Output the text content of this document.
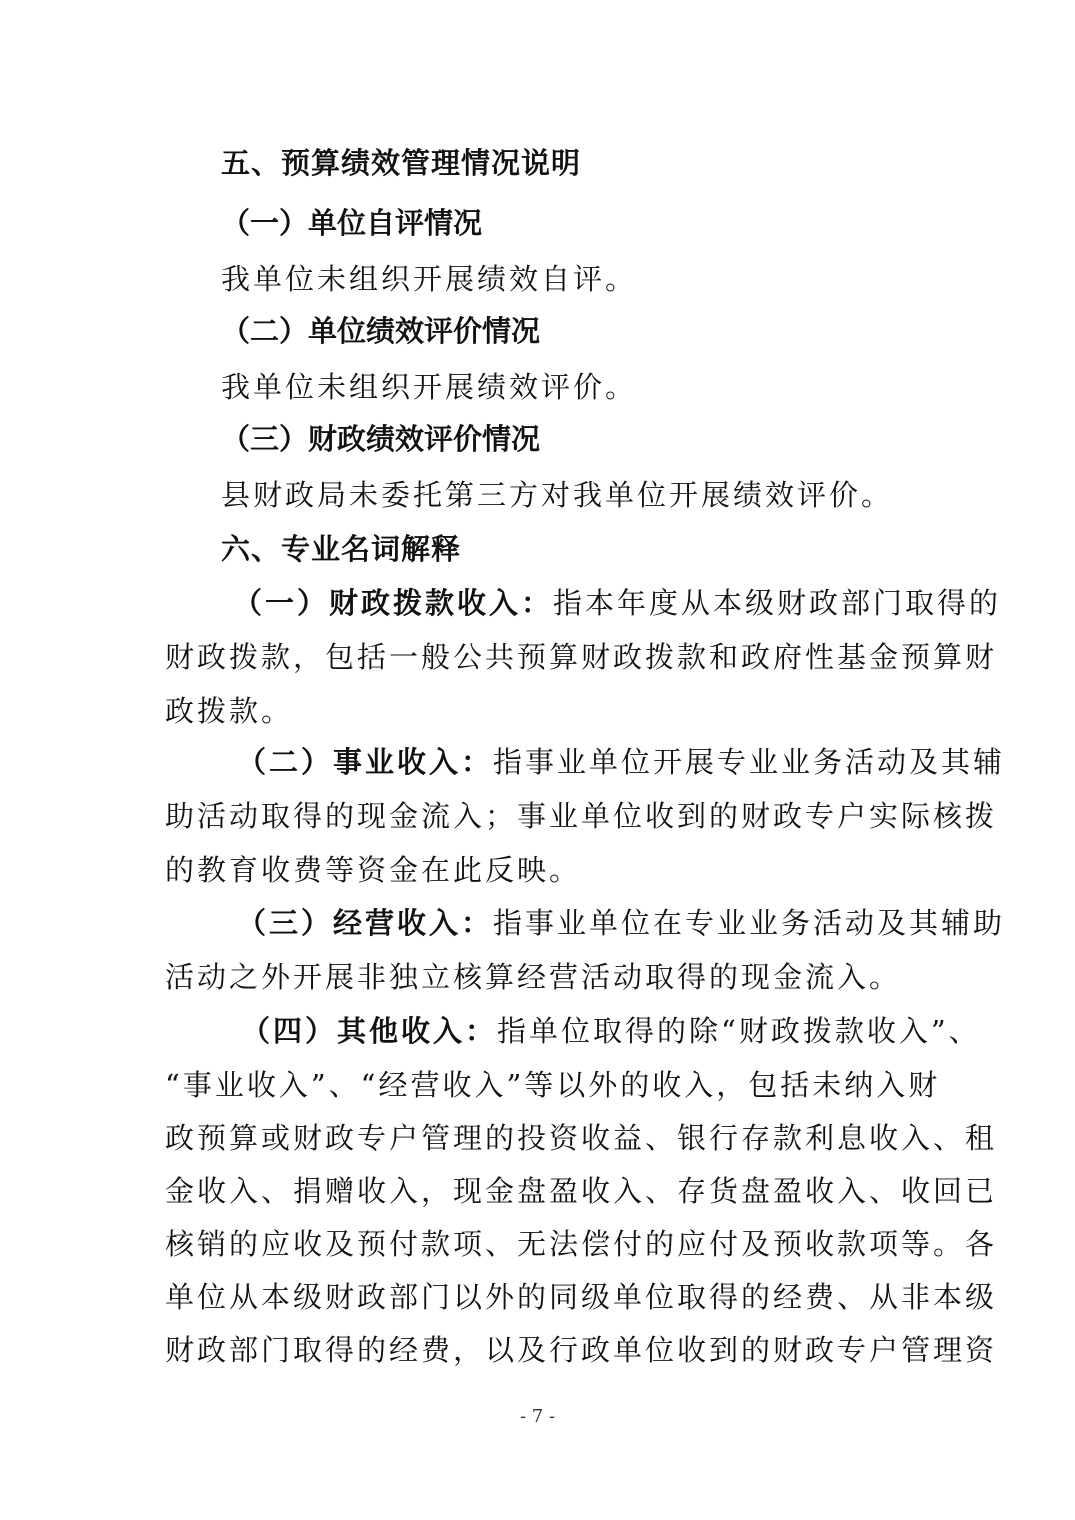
五、预算绩效管理情况说明
（一）单位自评情况
我单位未组织开展绩效自评。
（二）单位绩效评价情况
我单位未组织开展绩效评价。
（三）财政绩效评价情况
县财政局未委托第三方对我单位开展绩效评价。
六、专业名词解释
（一）财政拨款收入：指本年度从本级财政部门取得的
财政拨款，包括一般公共预算财政拨款和政府性基金预算财
政拨款。
（二）事业收入：指事业单位开展专业业务活动及其辅
助活动取得的现金流入；事业单位收到的财政专户实际核拨
的教育收费等资金在此反映。
（三）经营收入：指事业单位在专业业务活动及其辅助
活动之外开展非独立核算经营活动取得的现金流入。
（四）其他收入：指单位取得的除“财政拨款收入”、
“事业收入”、“经营收入”等以外的收入，包括未纳入财
政预算或财政专户管理的投资收益、银行存款利息收入、租
金收入、捐赠收入，现金盘盈收入、存货盘盈收入、收回已
核销的应收及预付款项、无法偿付的应付及预收款项等。各
单位从本级财政部门以外的同级单位取得的经费、从非本级
财政部门取得的经费，以及行政单位收到的财政专户管理资
- 7 -
